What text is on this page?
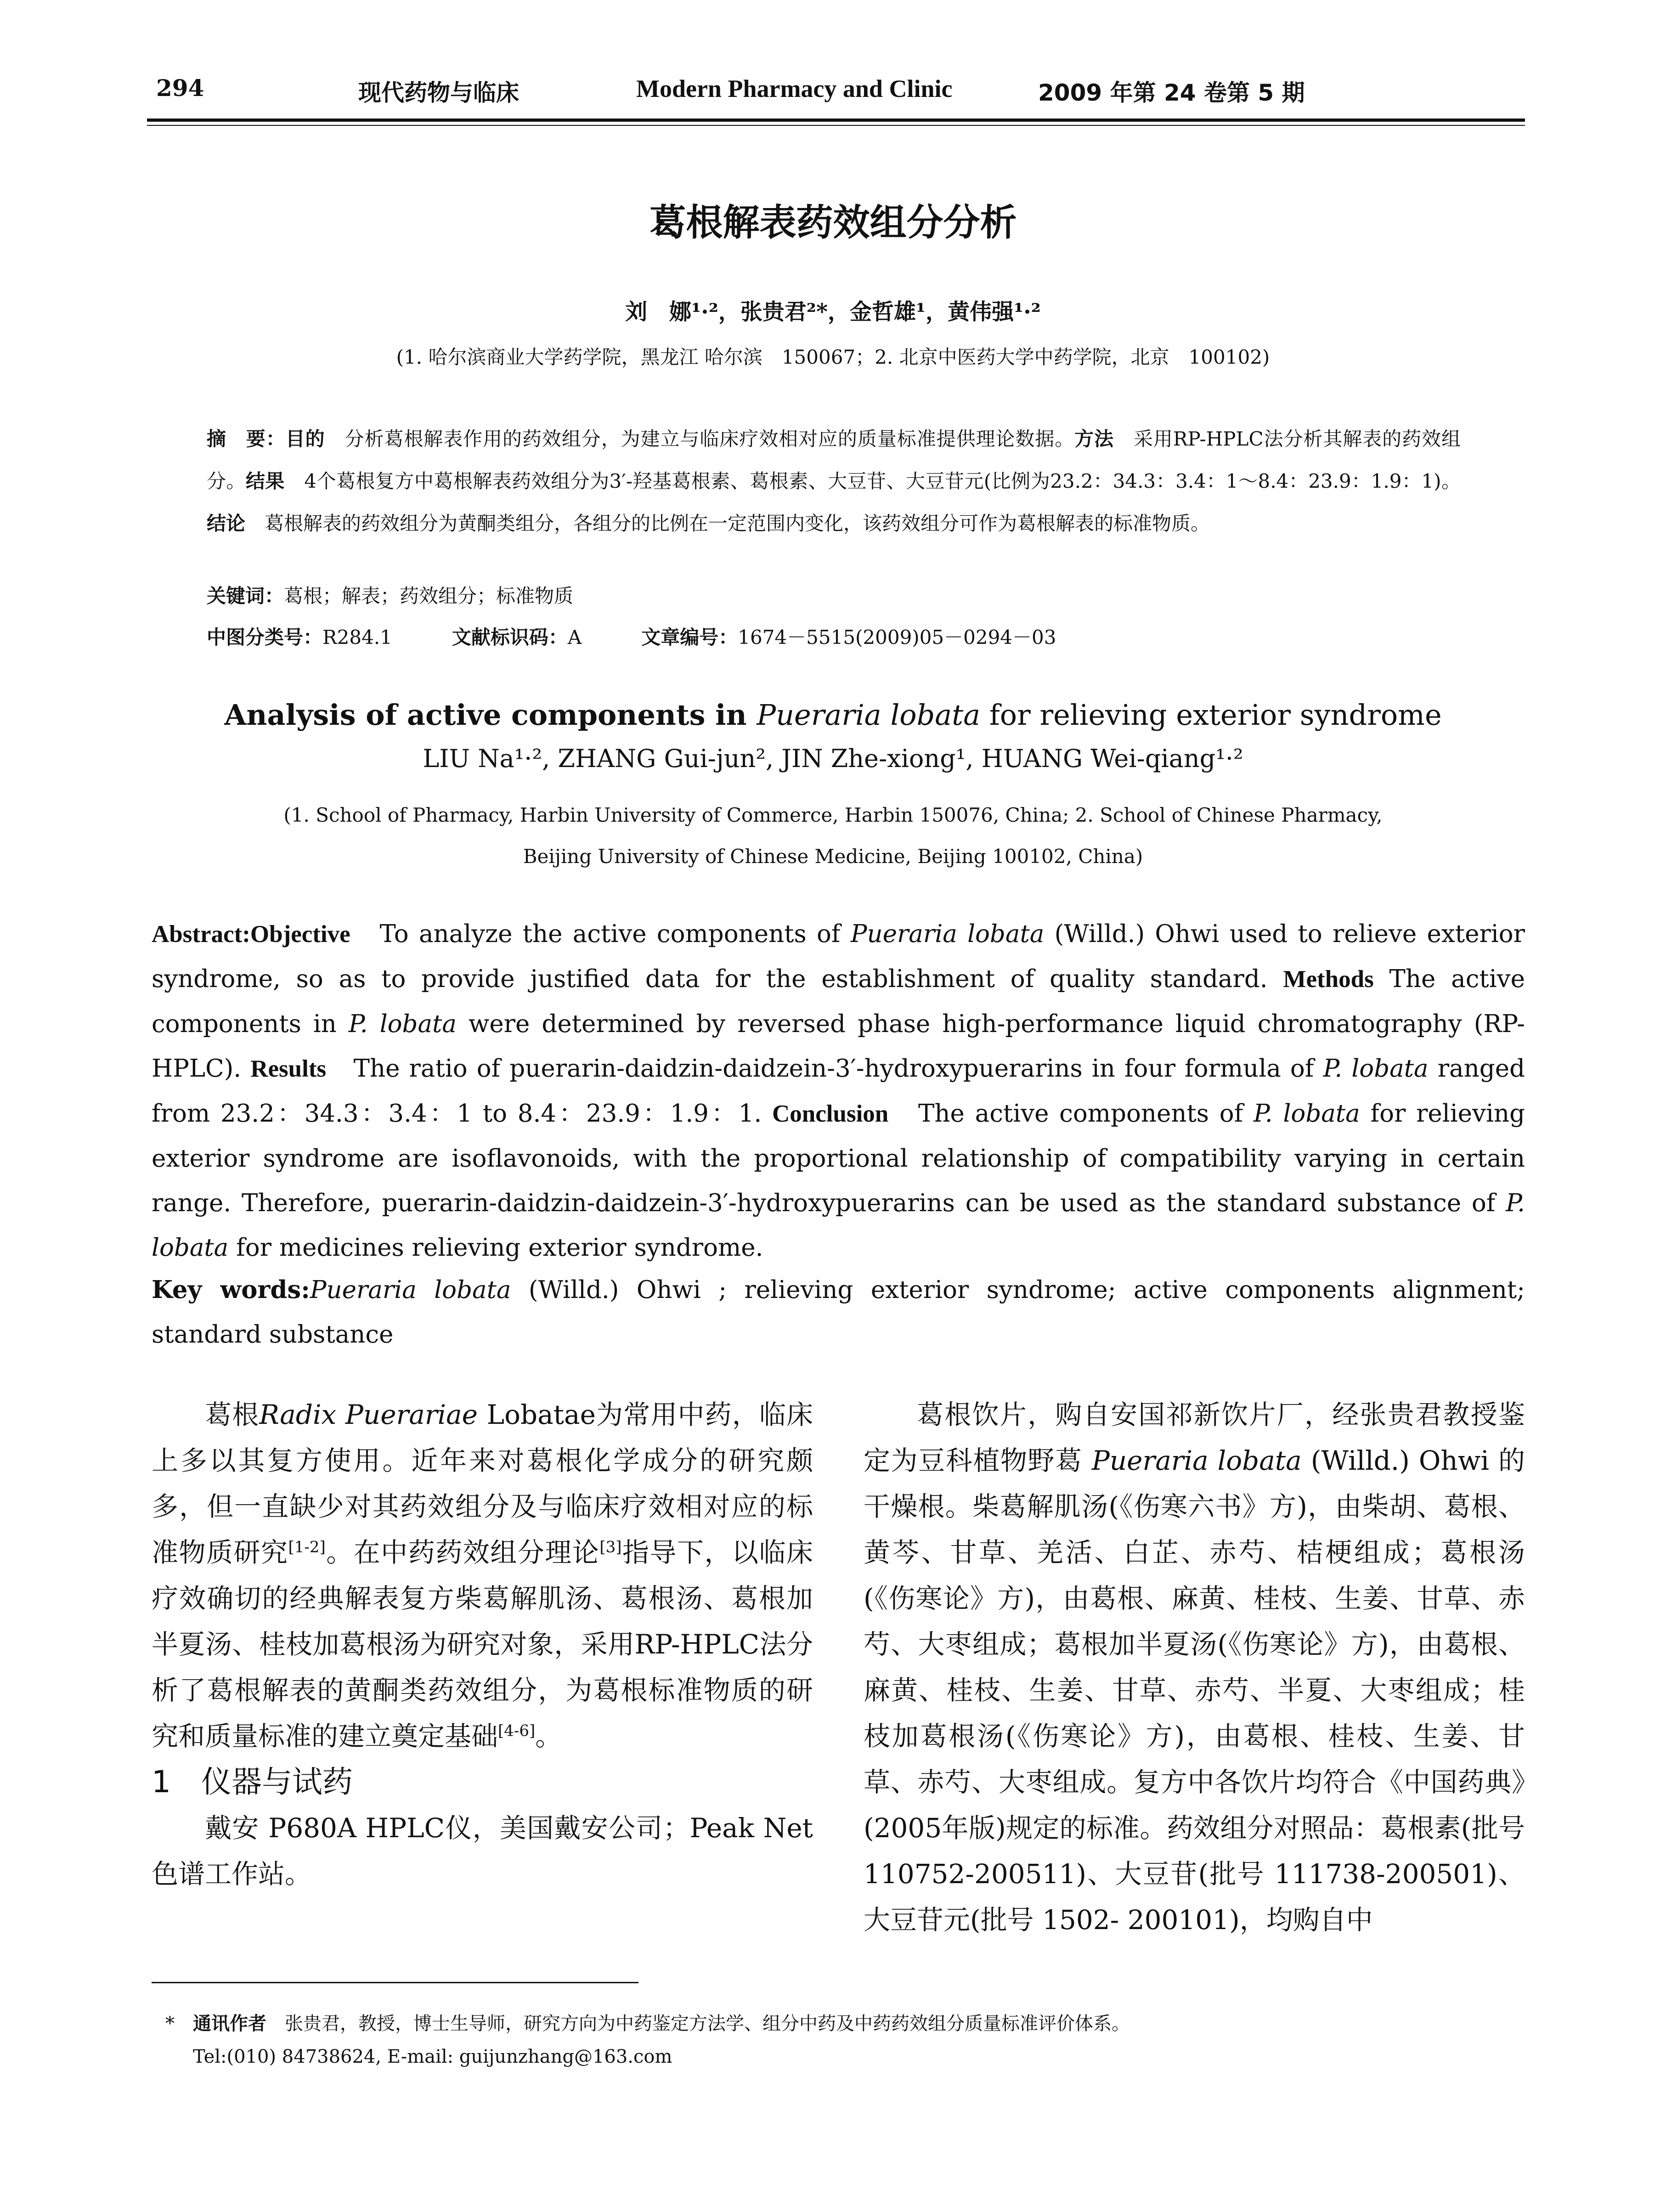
294	现代药物与临床	Modern Pharmacy and Clinic	2009 年第 24 卷第 5 期
葛根解表药效组分分析
刘　娜¹·²，张贵君²*，金哲雄¹，黄伟强¹·²
(1. 哈尔滨商业大学药学院，黑龙江 哈尔滨　150067；2. 北京中医药大学中药学院，北京　100102)
摘　要：目的　分析葛根解表作用的药效组分，为建立与临床疗效相对应的质量标准提供理论数据。方法　采用RP-HPLC法分析其解表的药效组分。结果　4个葛根复方中葛根解表药效组分为3′-羟基葛根素、葛根素、大豆苷、大豆苷元(比例为23.2：34.3：3.4：1～8.4：23.9：1.9：1)。结论　葛根解表的药效组分为黄酮类组分，各组分的比例在一定范围内变化，该药效组分可作为葛根解表的标准物质。
关键词：葛根；解表；药效组分；标准物质
中图分类号：R284.1	文献标识码：A	文章编号：1674－5515(2009)05－0294－03
Analysis of active components in Pueraria lobata for relieving exterior syndrome
LIU Na¹·², ZHANG Gui-jun², JIN Zhe-xiong¹, HUANG Wei-qiang¹·²
(1. School of Pharmacy, Harbin University of Commerce, Harbin 150076, China; 2. School of Chinese Pharmacy,
Beijing University of Chinese Medicine, Beijing 100102, China)
Abstract:Objective　To analyze the active components of Pueraria lobata (Willd.) Ohwi used to relieve exterior syndrome, so as to provide justified data for the establishment of quality standard. Methods The active components in P. lobata were determined by reversed phase high-performance liquid chromatography (RP-HPLC). Results　The ratio of puerarin-daidzin-daidzein-3′-hydroxypuerarins in four formula of P. lobata ranged from 23.2：34.3：3.4：1 to 8.4：23.9：1.9：1. Conclusion　The active components of P. lobata for relieving exterior syndrome are isoflavonoids, with the proportional relationship of compatibility varying in certain range. Therefore, puerarin-daidzin-daidzein-3′-hydroxypuerarins can be used as the standard substance of P. lobata for medicines relieving exterior syndrome.
Key words:Pueraria lobata (Willd.) Ohwi ; relieving exterior syndrome; active components alignment; standard substance

葛根Radix Puerariae Lobatae为常用中药，临床上多以其复方使用。近年来对葛根化学成分的研究颇多，但一直缺少对其药效组分及与临床疗效相对应的标准物质研究[1-2]。在中药药效组分理论[3]指导下，以临床疗效确切的经典解表复方柴葛解肌汤、葛根汤、葛根加半夏汤、桂枝加葛根汤为研究对象，采用RP-HPLC法分析了葛根解表的黄酮类药效组分，为葛根标准物质的研究和质量标准的建立奠定基础[4-6]。

1　仪器与试药

戴安 P680A HPLC仪，美国戴安公司；Peak Net色谱工作站。

葛根饮片，购自安国祁新饮片厂，经张贵君教授鉴定为豆科植物野葛 Pueraria lobata (Willd.) Ohwi 的干燥根。柴葛解肌汤(《伤寒六书》方)，由柴胡、葛根、黄芩、甘草、羌活、白芷、赤芍、桔梗组成；葛根汤(《伤寒论》方)，由葛根、麻黄、桂枝、生姜、甘草、赤芍、大枣组成；葛根加半夏汤(《伤寒论》方)，由葛根、麻黄、桂枝、生姜、甘草、赤芍、半夏、大枣组成；桂枝加葛根汤(《伤寒论》方)，由葛根、桂枝、生姜、甘草、赤芍、大枣组成。复方中各饮片均符合《中国药典》(2005年版)规定的标准。药效组分对照品：葛根素(批号 110752-200511)、大豆苷(批号 111738-200501)、大豆苷元(批号 1502- 200101)，均购自中

* 通讯作者　张贵君，教授，博士生导师，研究方向为中药鉴定方法学、组分中药及中药药效组分质量标准评价体系。
Tel:(010) 84738624, E-mail: guijunzhang@163.com
